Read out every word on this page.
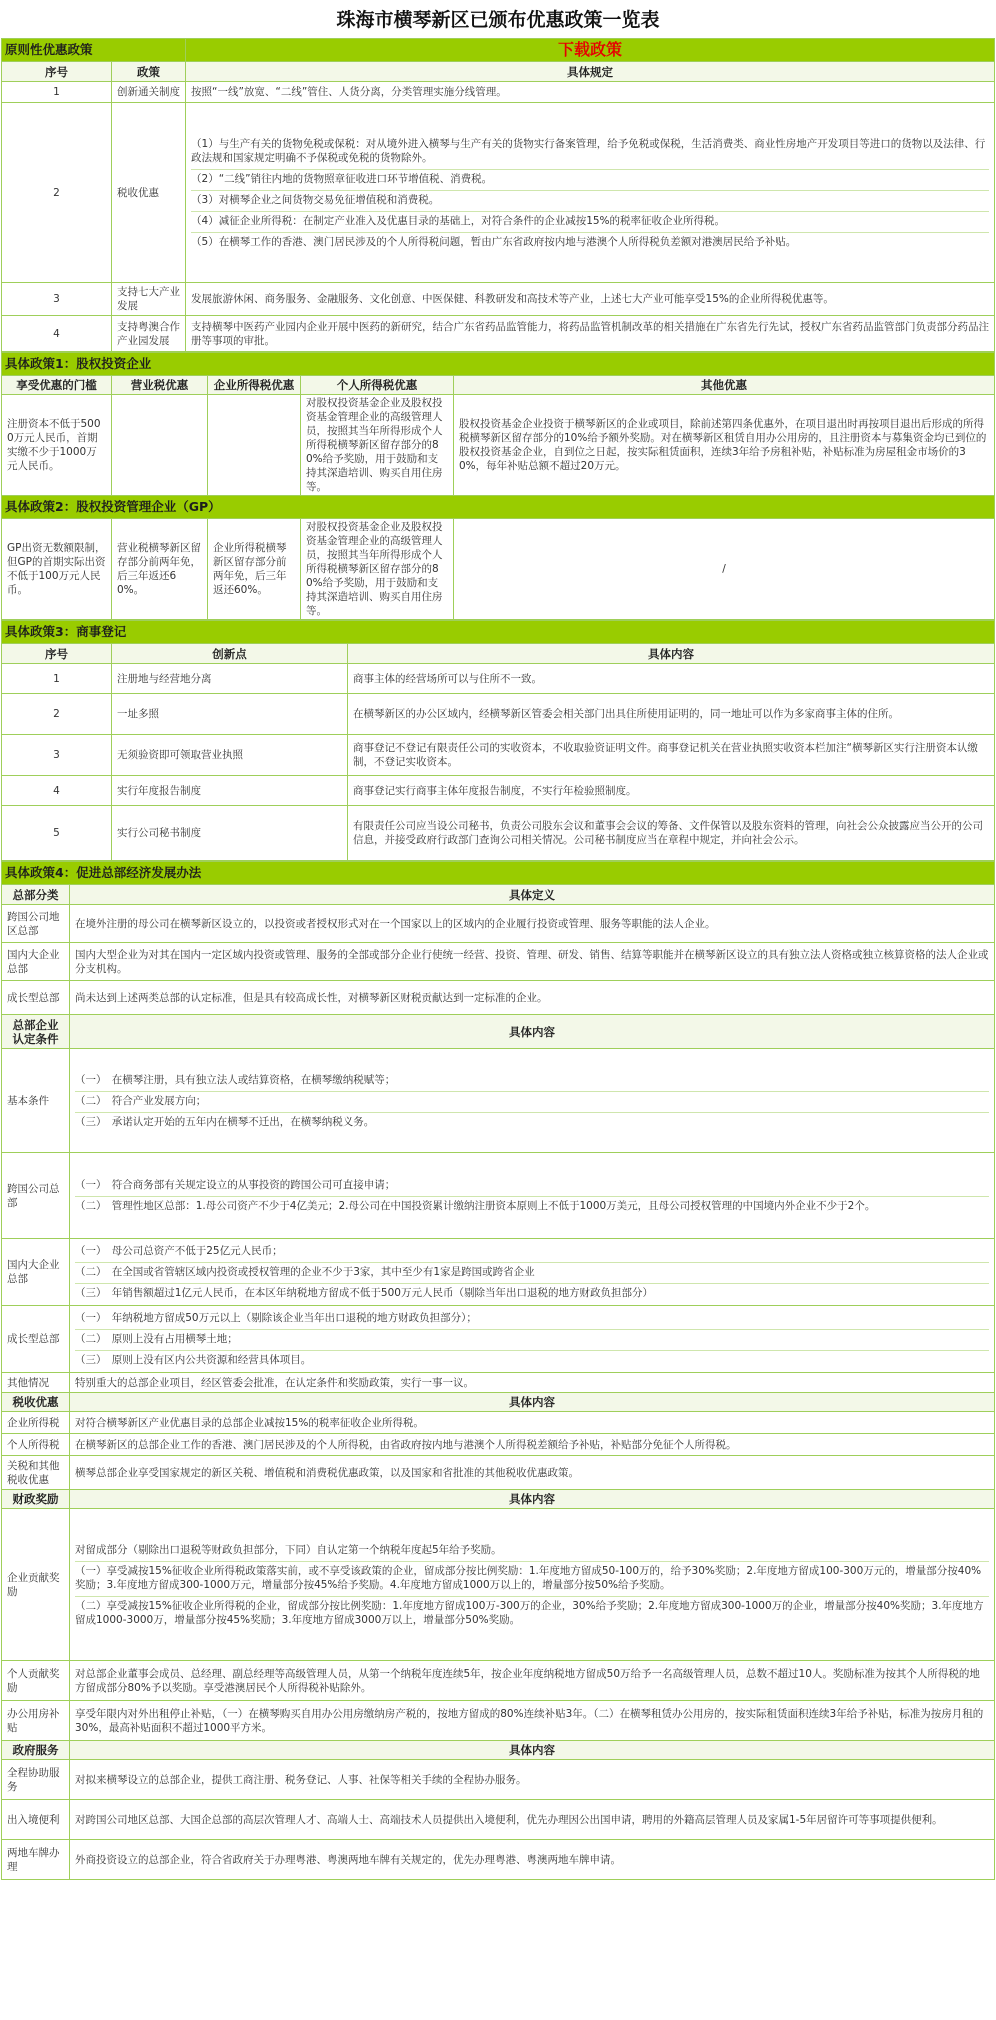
珠海市横琴新区已颁布优惠政策一览表
原则性优惠政策		下载政策
序号	政策	具体规定
1	创新通关制度	按照“一线”放宽、“二线”管住、人货分离，分类管理实施分线管理。
2	税收优惠	（1）与生产有关的货物免税或保税：对从境外进入横琴与生产有关的货物实行备案管理，给予免税或保税，生活消费类、商业性房地产开发项目等进口的货物以及法律、行政法规和国家规定明确不予保税或免税的货物除外。
（2）“二线”销往内地的货物照章征收进口环节增值税、消费税。
（3）对横琴企业之间货物交易免征增值税和消费税。
（4）减征企业所得税：在制定产业准入及优惠目录的基础上，对符合条件的企业减按15%的税率征收企业所得税。
（5）在横琴工作的香港、澳门居民涉及的个人所得税问题，暂由广东省政府按内地与港澳个人所得税负差额对港澳居民给予补贴。

3	支持七大产业发展	发展旅游休闲、商务服务、金融服务、文化创意、中医保健、科教研发和高技术等产业，上述七大产业可能享受15%的企业所得税优惠等。
4	支持粤澳合作产业园发展	支持横琴中医药产业园内企业开展中医药的新研究，结合广东省药品监管能力，将药品监管机制改革的相关措施在广东省先行先试，授权广东省药品监管部门负责部分药品注册等事项的审批。
具体政策1：股权投资企业				
享受优惠的门槛	营业税优惠	企业所得税优惠	个人所得税优惠	其他优惠
注册资本不低于5000万元人民币，首期实缴不少于1000万元人民币。			对股权投资基金企业及股权投资基金管理企业的高级管理人员，按照其当年所得形成个人所得税横琴新区留存部分的80%给予奖励，用于鼓励和支持其深造培训、购买自用住房等。	股权投资基金企业投资于横琴新区的企业或项目，除前述第四条优惠外，在项目退出时再按项目退出后形成的所得税横琴新区留存部分的10%给予额外奖励。对在横琴新区租赁自用办公用房的，且注册资本与募集资金均已到位的股权投资基金企业，自到位之日起，按实际租赁面积，连续3年给予房租补贴，补贴标准为房屋租金市场价的30%，每年补贴总额不超过20万元。
具体政策2：股权投资管理企业（GP）				
GP出资无数额限制，但GP的首期实际出资不低于100万元人民币。	营业税横琴新区留存部分前两年免，后三年返还60%。	企业所得税横琴新区留存部分前两年免，后三年返还60%。	对股权投资基金企业及股权投资基金管理企业的高级管理人员，按照其当年所得形成个人所得税横琴新区留存部分的80%给予奖励，用于鼓励和支持其深造培训、购买自用住房等。	/
具体政策3：商事登记		
序号	创新点	具体内容
1	注册地与经营地分离	商事主体的经营场所可以与住所不一致。
2	一址多照	在横琴新区的办公区域内，经横琴新区管委会相关部门出具住所使用证明的，同一地址可以作为多家商事主体的住所。
3	无须验资即可领取营业执照	商事登记不登记有限责任公司的实收资本，不收取验资证明文件。商事登记机关在营业执照实收资本栏加注“横琴新区实行注册资本认缴制，不登记实收资本。
4	实行年度报告制度	商事登记实行商事主体年度报告制度，不实行年检验照制度。
5	实行公司秘书制度	有限责任公司应当设公司秘书，负责公司股东会议和董事会会议的筹备、文件保管以及股东资料的管理，向社会公众披露应当公开的公司信息，并接受政府行政部门查询公司相关情况。公司秘书制度应当在章程中规定，并向社会公示。
具体政策4：促进总部经济发展办法	
总部分类	具体定义
跨国公司地区总部	在境外注册的母公司在横琴新区设立的，以投资或者授权形式对在一个国家以上的区域内的企业履行投资或管理、服务等职能的法人企业。
国内大企业总部	国内大型企业为对其在国内一定区域内投资或管理、服务的全部或部分企业行使统一经营、投资、管理、研发、销售、结算等职能并在横琴新区设立的具有独立法人资格或独立核算资格的法人企业或分支机构。
成长型总部	尚未达到上述两类总部的认定标准，但是具有较高成长性，对横琴新区财税贡献达到一定标准的企业。
总部企业认定条件	具体内容
基本条件	（一）　在横琴注册，具有独立法人或结算资格，在横琴缴纳税赋等；
（二）　符合产业发展方向；
（三）　承诺认定开始的五年内在横琴不迁出，在横琴纳税义务。

跨国公司总部	（一）　符合商务部有关规定设立的从事投资的跨国公司可直接申请；
（二）　管理性地区总部：1.母公司资产不少于4亿美元；2.母公司在中国投资累计缴纳注册资本原则上不低于1000万美元，且母公司授权管理的中国境内外企业不少于2个。

国内大企业总部	（一）　母公司总资产不低于25亿元人民币；
（二）　在全国或省管辖区域内投资或授权管理的企业不少于3家，其中至少有1家是跨国或跨省企业
（三）　年销售额超过1亿元人民币，在本区年纳税地方留成不低于500万元人民币（剔除当年出口退税的地方财政负担部分）

成长型总部	（一）　年纳税地方留成50万元以上（剔除该企业当年出口退税的地方财政负担部分）；
（二）　原则上没有占用横琴土地；
（三）　原则上没有区内公共资源和经营具体项目。

其他情况	特别重大的总部企业项目，经区管委会批准，在认定条件和奖励政策，实行一事一议。
税收优惠	具体内容
企业所得税	对符合横琴新区产业优惠目录的总部企业减按15%的税率征收企业所得税。
个人所得税	在横琴新区的总部企业工作的香港、澳门居民涉及的个人所得税，由省政府按内地与港澳个人所得税差额给予补贴，补贴部分免征个人所得税。
关税和其他税收优惠	横琴总部企业享受国家规定的新区关税、增值税和消费税优惠政策，以及国家和省批准的其他税收优惠政策。
财政奖励	具体内容
企业贡献奖励	对留成部分（剔除出口退税等财政负担部分，下同）自认定第一个纳税年度起5年给予奖励。
（一）享受减按15%征收企业所得税政策落实前，或不享受该政策的企业，留成部分按比例奖励：1.年度地方留成50-100万的，给予30%奖励；2.年度地方留成100-300万元的，增量部分按40%奖励；3.年度地方留成300-1000万元，增量部分按45%给予奖励。4.年度地方留成1000万以上的，增量部分按50%给予奖励。
（二）享受减按15%征收企业所得税的企业，留成部分按比例奖励：1.年度地方留成100万-300万的企业，30%给予奖励；2.年度地方留成300-1000万的企业，增量部分按40%奖励；3.年度地方留成1000-3000万，增量部分按45%奖励；3.年度地方留成3000万以上，增量部分50%奖励。

个人贡献奖励	对总部企业董事会成员、总经理、副总经理等高级管理人员，从第一个纳税年度连续5年，按企业年度纳税地方留成50万给予一名高级管理人员，总数不超过10人。奖励标准为按其个人所得税的地方留成部分80%予以奖励。享受港澳居民个人所得税补贴除外。
办公用房补贴	享受年限内对外出租停止补贴，（一）在横琴购买自用办公用房缴纳房产税的，按地方留成的80%连续补贴3年。（二）在横琴租赁办公用房的，按实际租赁面积连续3年给予补贴，标准为按房月租的30%，最高补贴面积不超过1000平方米。
政府服务	具体内容
全程协助服务	对拟来横琴设立的总部企业，提供工商注册、税务登记、人事、社保等相关手续的全程协办服务。
出入境便利	对跨国公司地区总部、大国企总部的高层次管理人才、高端人士、高端技术人员提供出入境便利，优先办理因公出国申请，聘用的外籍高层管理人员及家属1-5年居留许可等事项提供便利。
两地车牌办理	外商投资设立的总部企业，符合省政府关于办理粤港、粤澳两地车牌有关规定的，优先办理粤港、粤澳两地车牌申请。
